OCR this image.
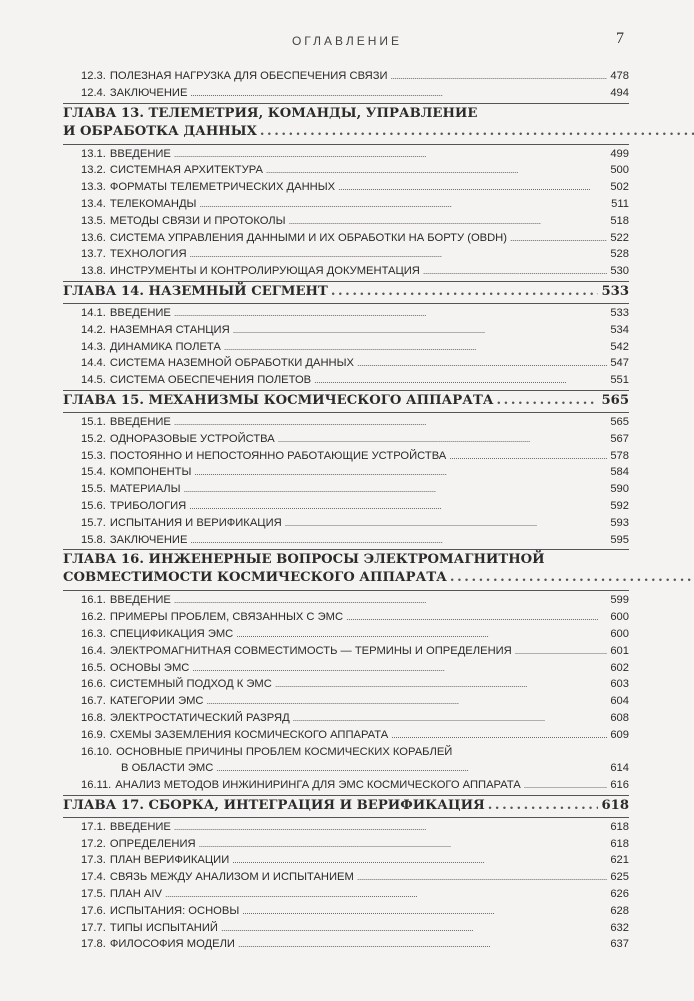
ОГЛАВЛЕНИЕ	7
12.3. ПОЛЕЗНАЯ НАГРУЗКА ДЛЯ ОБЕСПЕЧЕНИЯ СВЯЗИ . . .	478
12.4. ЗАКЛЮЧЕНИЕ . . .	494
ГЛАВА 13. ТЕЛЕМЕТРИЯ, КОМАНДЫ, УПРАВЛЕНИЕ
И ОБРАБОТКА ДАННЫХ
. . .
13.1. ВВЕДЕНИЕ . . .	499
13.2. СИСТЕМНАЯ АРХИТЕКТУРА . . .	500
13.3. ФОРМАТЫ ТЕЛЕМЕТРИЧЕСКИХ ДАННЫХ . . .	502
13.4. ТЕЛЕКОМАНДЫ . . .	511
13.5. МЕТОДЫ СВЯЗИ И ПРОТОКОЛЫ . . .	518
13.6. СИСТЕМА УПРАВЛЕНИЯ ДАННЫМИ И ИХ ОБРАБОТКИ НА БОРТУ (OBDH) . . .	522
13.7. ТЕХНОЛОГИЯ . . .	528
13.8. ИНСТРУМЕНТЫ И КОНТРОЛИРУЮЩАЯ ДОКУМЕНТАЦИЯ . . .	530
ГЛАВА 14. НАЗЕМНЫЙ СЕГМЕНТ . . .	533
14.1. ВВЕДЕНИЕ . . .	533
14.2. НАЗЕМНАЯ СТАНЦИЯ . . .	534
14.3. ДИНАМИКА ПОЛЕТА . . .	542
14.4. СИСТЕМА НАЗЕМНОЙ ОБРАБОТКИ ДАННЫХ . . .	547
14.5. СИСТЕМА ОБЕСПЕЧЕНИЯ ПОЛЕТОВ . . .	551
ГЛАВА 15. МЕХАНИЗМЫ КОСМИЧЕСКОГО АППАРАТА . . .	565
15.1. ВВЕДЕНИЕ . . .	565
15.2. ОДНОРАЗОВЫЕ УСТРОЙСТВА . . .	567
15.3. ПОСТОЯННО И НЕПОСТОЯННО РАБОТАЮЩИЕ УСТРОЙСТВА . . .	578
15.4. КОМПОНЕНТЫ . . .	584
15.5. МАТЕРИАЛЫ . . .	590
15.6. ТРИБОЛОГИЯ . . .	592
15.7. ИСПЫТАНИЯ И ВЕРИФИКАЦИЯ . . .	593
15.8. ЗАКЛЮЧЕНИЕ . . .	595
ГЛАВА 16. ИНЖЕНЕРНЫЕ ВОПРОСЫ ЭЛЕКТРОМАГНИТНОЙ
СОВМЕСТИМОСТИ КОСМИЧЕСКОГО АППАРАТА
. . .
16.1. ВВЕДЕНИЕ . . .	599
16.2. ПРИМЕРЫ ПРОБЛЕМ, СВЯЗАННЫХ С ЭМС . . .	600
16.3. СПЕЦИФИКАЦИЯ ЭМС . . .	600
16.4. ЭЛЕКТРОМАГНИТНАЯ СОВМЕСТИМОСТЬ — ТЕРМИНЫ И ОПРЕДЕЛЕНИЯ . . .	601
16.5. ОСНОВЫ ЭМС . . .	602
16.6. СИСТЕМНЫЙ ПОДХОД К ЭМС . . .	603
16.7. КАТЕГОРИИ ЭМС . . .	604
16.8. ЭЛЕКТРОСТАТИЧЕСКИЙ РАЗРЯД . . .	608
16.9. СХЕМЫ ЗАЗЕМЛЕНИЯ КОСМИЧЕСКОГО АППАРАТА . . .	609
16.10. ОСНОВНЫЕ ПРИЧИНЫ ПРОБЛЕМ КОСМИЧЕСКИХ КОРАБЛЕЙ
В ОБЛАСТИ ЭМС . . .	614
16.11. АНАЛИЗ МЕТОДОВ ИНЖИНИРИНГА ДЛЯ ЭМС КОСМИЧЕСКОГО АППАРАТА . . .	616
ГЛАВА 17. СБОРКА, ИНТЕГРАЦИЯ И ВЕРИФИКАЦИЯ . . .	618
17.1. ВВЕДЕНИЕ . . .	618
17.2. ОПРЕДЕЛЕНИЯ . . .	618
17.3. ПЛАН ВЕРИФИКАЦИИ . . .	621
17.4. СВЯЗЬ МЕЖДУ АНАЛИЗОМ И ИСПЫТАНИЕМ . . .	625
17.5. ПЛАН AIV . . .	626
17.6. ИСПЫТАНИЯ: ОСНОВЫ . . .	628
17.7. ТИПЫ ИСПЫТАНИЙ . . .	632
17.8. ФИЛОСОФИЯ МОДЕЛИ . . .	637
